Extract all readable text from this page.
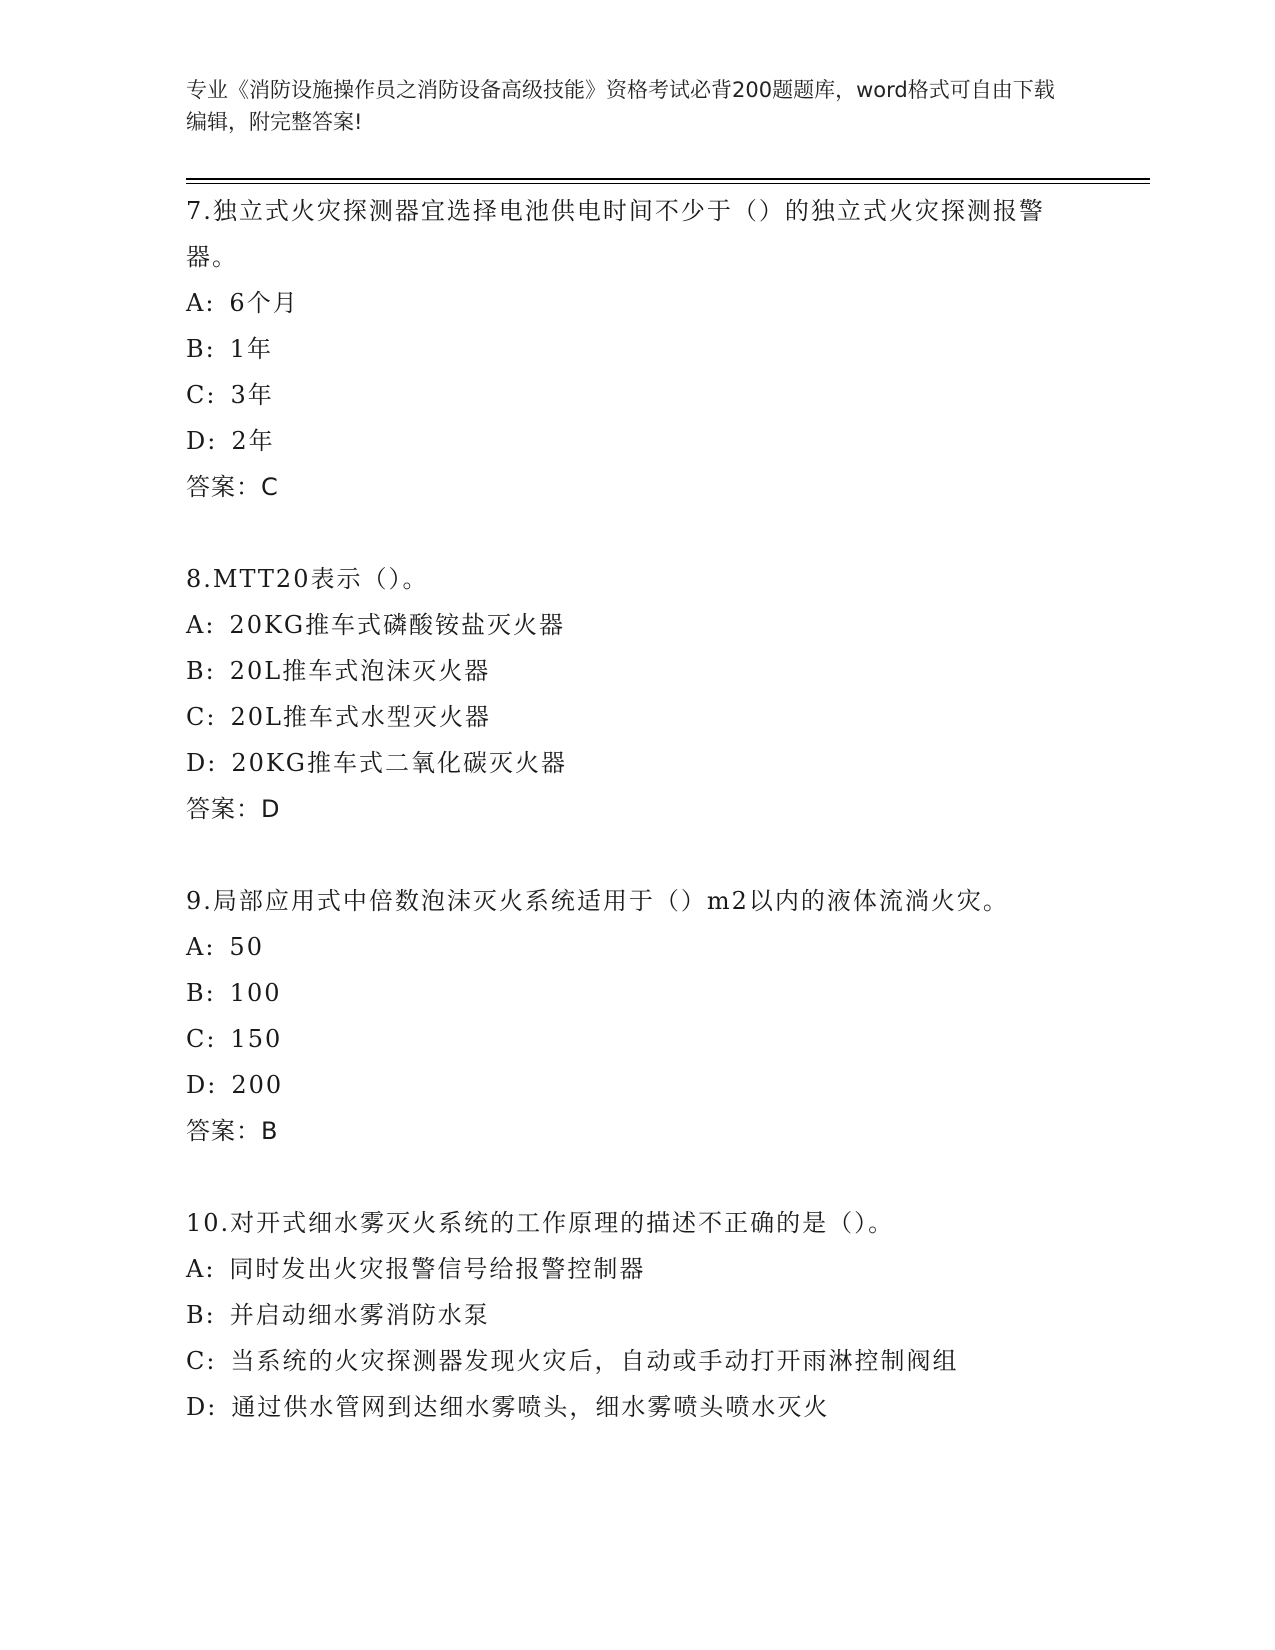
专业《消防设施操作员之消防设备高级技能》资格考试必背200题题库，word格式可自由下载编辑，附完整答案!

7.独立式火灾探测器宜选择电池供电时间不少于（）的独立式火灾探测报警器。

A: 6个月

B: 1年

C: 3年

D: 2年

答案：C

8.MTT20表示（）。

A: 20KG推车式磷酸铵盐灭火器

B: 20L推车式泡沫灭火器

C: 20L推车式水型灭火器

D: 20KG推车式二氧化碳灭火器

答案：D

9.局部应用式中倍数泡沫灭火系统适用于（）m2以内的液体流淌火灾。

A: 50

B: 100

C: 150

D: 200

答案：B

10.对开式细水雾灭火系统的工作原理的描述不正确的是（）。

A: 同时发出火灾报警信号给报警控制器

B: 并启动细水雾消防水泵

C: 当系统的火灾探测器发现火灾后，自动或手动打开雨淋控制阀组

D: 通过供水管网到达细水雾喷头，细水雾喷头喷水灭火
